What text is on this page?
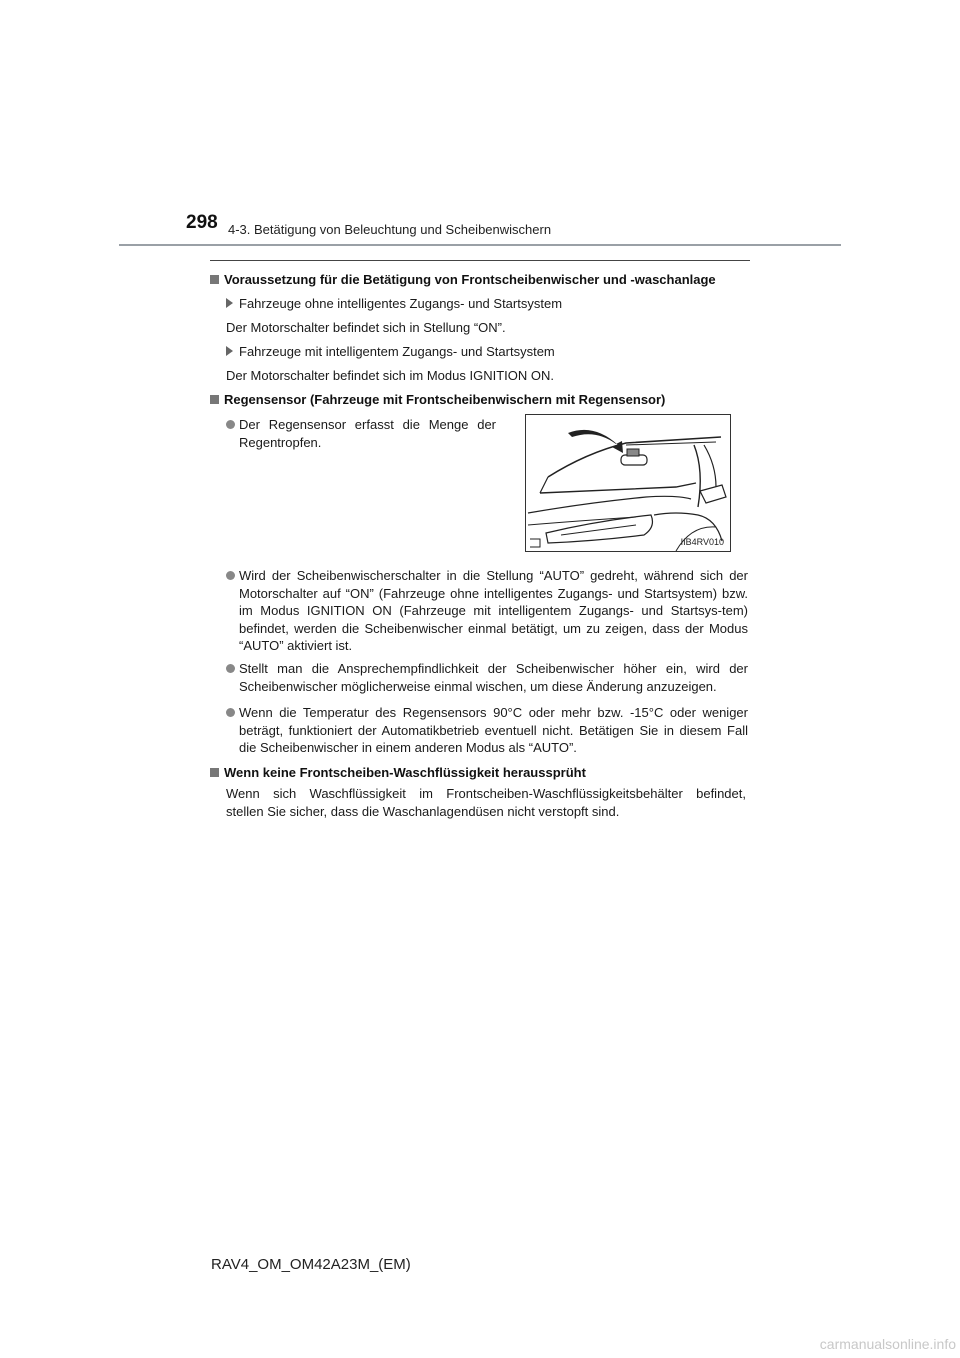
298 4-3. Betätigung von Beleuchtung und Scheibenwischern
Voraussetzung für die Betätigung von Frontscheibenwischer und -waschanlage
Fahrzeuge ohne intelligentes Zugangs- und Startsystem
Der Motorschalter befindet sich in Stellung “ON”.
Fahrzeuge mit intelligentem Zugangs- und Startsystem
Der Motorschalter befindet sich im Modus IGNITION ON.
Regensensor (Fahrzeuge mit Frontscheibenwischern mit Regensensor)
Der Regensensor erfasst die Menge der Regentropfen.
IIB4RV010
Wird der Scheibenwischerschalter in die Stellung “AUTO” gedreht, während sich der Motorschalter auf “ON” (Fahrzeuge ohne intelligentes Zugangs- und Startsystem) bzw. im Modus IGNITION ON (Fahrzeuge mit intelligentem Zugangs- und Startsys-tem) befindet, werden die Scheibenwischer einmal betätigt, um zu zeigen, dass der Modus “AUTO” aktiviert ist.
Stellt man die Ansprechempfindlichkeit der Scheibenwischer höher ein, wird der Scheibenwischer möglicherweise einmal wischen, um diese Änderung anzuzeigen.
Wenn die Temperatur des Regensensors 90°C oder mehr bzw. -15°C oder weniger beträgt, funktioniert der Automatikbetrieb eventuell nicht. Betätigen Sie in diesem Fall die Scheibenwischer in einem anderen Modus als “AUTO”.
Wenn keine Frontscheiben-Waschflüssigkeit heraussprüht
Wenn sich Waschflüssigkeit im Frontscheiben-Waschflüssigkeitsbehälter befindet,
stellen Sie sicher, dass die Waschanlagendüsen nicht verstopft sind.
RAV4_OM_OM42A23M_(EM)
carmanualsonline.info
